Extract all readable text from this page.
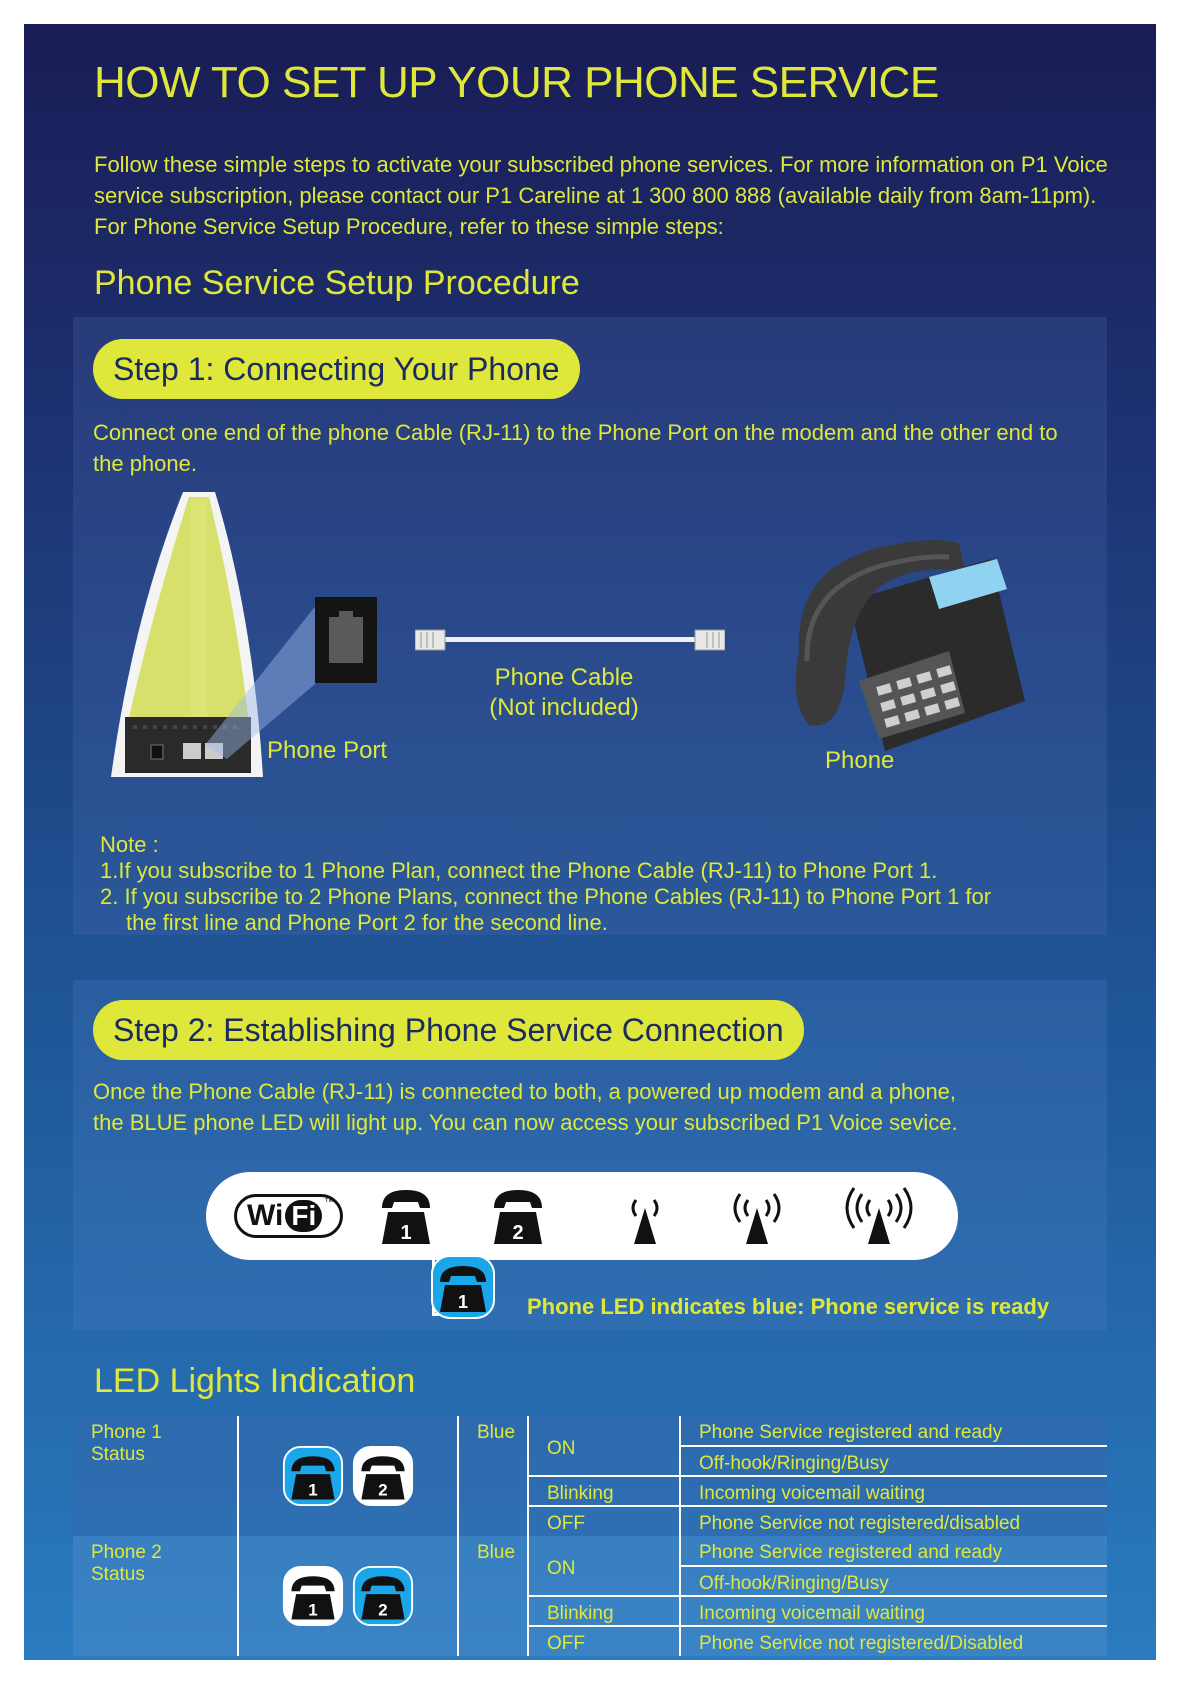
HOW TO SET UP YOUR PHONE SERVICE
Follow these simple steps to activate your subscribed phone services. For more information on P1 Voice service subscription, please contact our P1 Careline at 1 300 800 888 (available daily from 8am-11pm). For Phone Service Setup Procedure, refer to these simple steps:
Phone Service Setup Procedure
Step 1: Connecting Your Phone
Connect one end of the phone Cable (RJ-11) to the Phone Port on the modem and the other end to the phone.
Phone Port
Phone Cable
(Not included)
Phone
Note :
1.If you subscribe to 1 Phone Plan, connect the Phone Cable (RJ-11) to Phone Port 1.
2. If you subscribe to 2 Phone Plans, connect the Phone Cables (RJ-11) to Phone Port 1 for
the first line and Phone Port 2 for the second line.
Step 2: Establishing Phone Service Connection
Once the Phone Cable (RJ-11) is connected to both, a powered up modem and a phone,
the BLUE phone LED will light up. You can now access your subscribed P1 Voice sevice.
Wi Fi ™
1	2
1	Phone LED indicates blue: Phone service is ready
LED Lights Indication
Phone 1 Status	1 2	Blue	ON	Phone Service registered and ready
				Off-hook/Ringing/Busy
			Blinking	Incoming voicemail waiting
			OFF	Phone Service not registered/disabled
Phone 2 Status	1 2	Blue	ON	Phone Service registered and ready
				Off-hook/Ringing/Busy
			Blinking	Incoming voicemail waiting
			OFF	Phone Service not registered/Disabled
